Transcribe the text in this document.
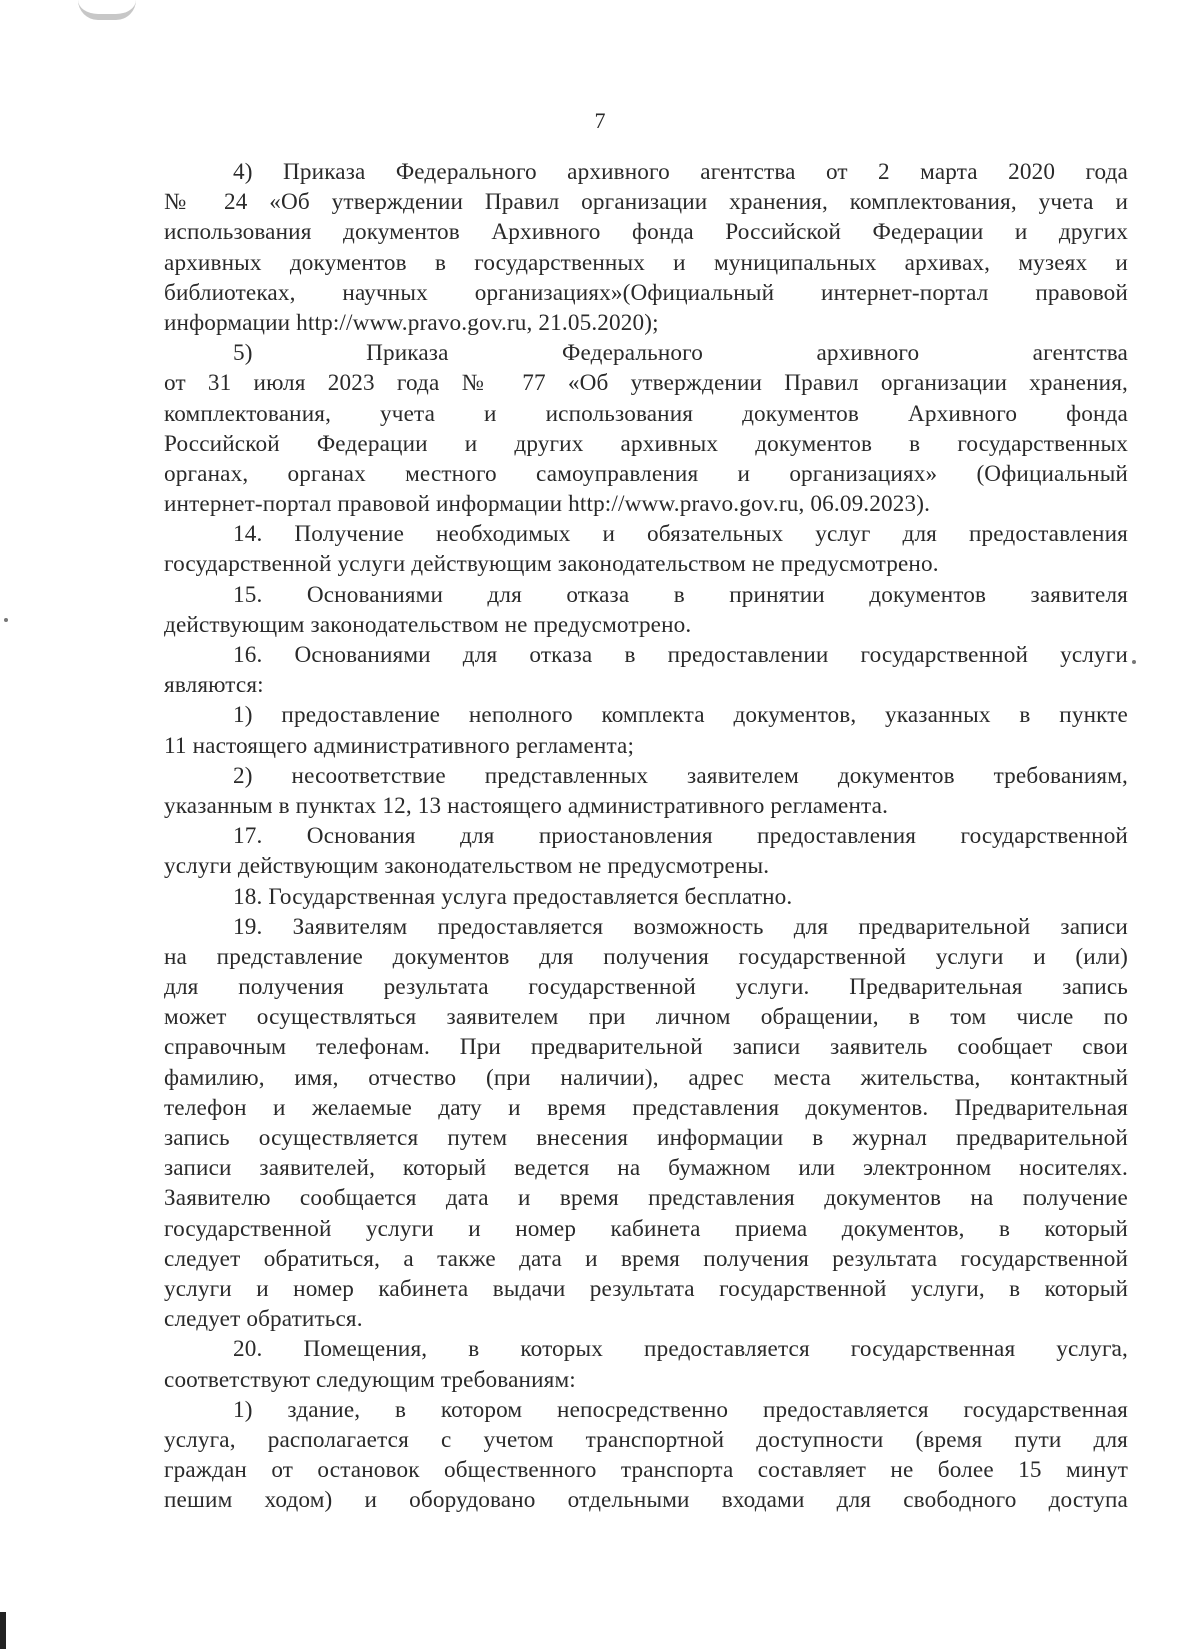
7
4) Приказа Федерального архивного агентства от 2 марта 2020 года
№ 24 «Об утверждении Правил организации хранения, комплектования, учета и
использования документов Архивного фонда Российской Федерации и других
архивных документов в государственных и муниципальных архивах, музеях и
библиотеках, научных организациях»(Официальный интернет-портал правовой
информации http://www.pravo.gov.ru, 21.05.2020);
5) Приказа Федерального архивного агентства
от 31 июля 2023 года № 77 «Об утверждении Правил организации хранения,
комплектования, учета и использования документов Архивного фонда
Российской Федерации и других архивных документов в государственных
органах, органах местного самоуправления и организациях» (Официальный
интернет-портал правовой информации http://www.pravo.gov.ru, 06.09.2023).
14. Получение необходимых и обязательных услуг для предоставления
государственной услуги действующим законодательством не предусмотрено.
15. Основаниями для отказа в принятии документов заявителя
действующим законодательством не предусмотрено.
16. Основаниями для отказа в предоставлении государственной услуги
являются:
1) предоставление неполного комплекта документов, указанных в пункте
11 настоящего административного регламента;
2) несоответствие представленных заявителем документов требованиям,
указанным в пунктах 12, 13 настоящего административного регламента.
17. Основания для приостановления предоставления государственной
услуги действующим законодательством не предусмотрены.
18. Государственная услуга предоставляется бесплатно.
19. Заявителям предоставляется возможность для предварительной записи
на представление документов для получения государственной услуги и (или)
для получения результата государственной услуги. Предварительная запись
может осуществляться заявителем при личном обращении, в том числе по
справочным телефонам. При предварительной записи заявитель сообщает свои
фамилию, имя, отчество (при наличии), адрес места жительства, контактный
телефон и желаемые дату и время представления документов. Предварительная
запись осуществляется путем внесения информации в журнал предварительной
записи заявителей, который ведется на бумажном или электронном носителях.
Заявителю сообщается дата и время представления документов на получение
государственной услуги и номер кабинета приема документов, в который
следует обратиться, а также дата и время получения результата государственной
услуги и номер кабинета выдачи результата государственной услуги, в который
следует обратиться.
20. Помещения, в которых предоставляется государственная услуга,
соответствуют следующим требованиям:
1) здание, в котором непосредственно предоставляется государственная
услуга, располагается с учетом транспортной доступности (время пути для
граждан от остановок общественного транспорта составляет не более 15 минут
пешим ходом) и оборудовано отдельными входами для свободного доступа
